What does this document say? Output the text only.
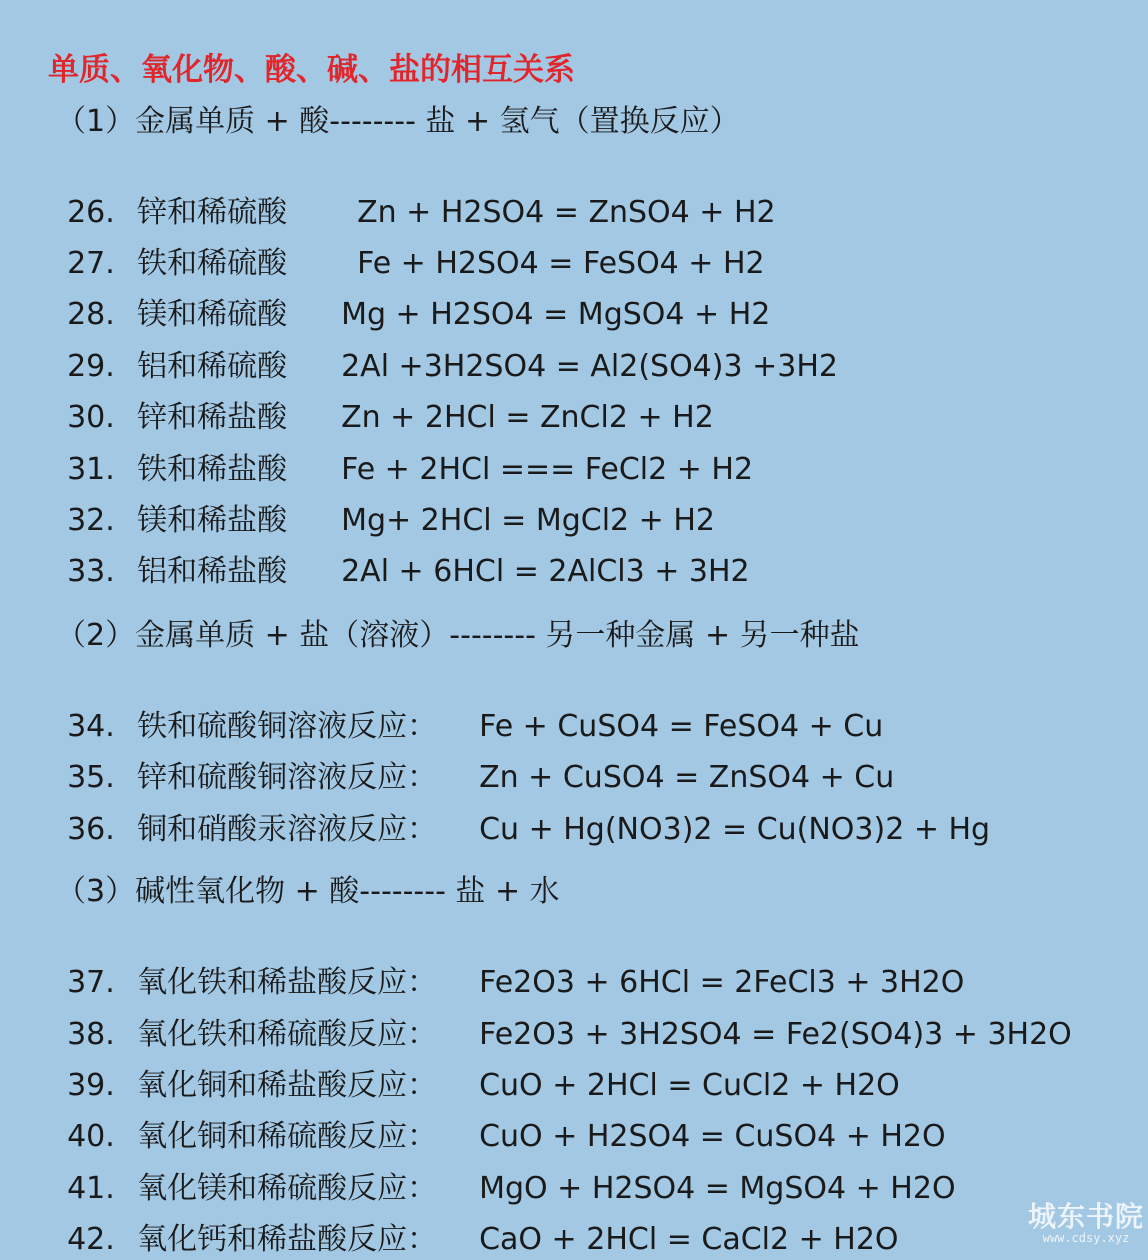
单质、氧化物、酸、碱、盐的相互关系
（1）金属单质 + 酸-------- 盐 + 氢气（置换反应）

26. 锌和稀硫酸 Zn + H2SO4 = ZnSO4 + H2

27. 铁和稀硫酸 Fe + H2SO4 = FeSO4 + H2

28. 镁和稀硫酸 Mg + H2SO4 = MgSO4 + H2

29. 铝和稀硫酸 2Al +3H2SO4 = Al2(SO4)3 +3H2

30. 锌和稀盐酸 Zn + 2HCl = ZnCl2 + H2

31. 铁和稀盐酸 Fe + 2HCl === FeCl2 + H2

32. 镁和稀盐酸 Mg+ 2HCl = MgCl2 + H2

33. 铝和稀盐酸 2Al + 6HCl = 2AlCl3 + 3H2

（2）金属单质 + 盐（溶液）-------- 另一种金属 + 另一种盐

34. 铁和硫酸铜溶液反应： Fe + CuSO4 = FeSO4 + Cu

35. 锌和硫酸铜溶液反应： Zn + CuSO4 = ZnSO4 + Cu

36. 铜和硝酸汞溶液反应： Cu + Hg(NO3)2 = Cu(NO3)2 + Hg

（3）碱性氧化物 + 酸-------- 盐 + 水

37. 氧化铁和稀盐酸反应： Fe2O3 + 6HCl = 2FeCl3 + 3H2O

38. 氧化铁和稀硫酸反应： Fe2O3 + 3H2SO4 = Fe2(SO4)3 + 3H2O

39. 氧化铜和稀盐酸反应： CuO + 2HCl = CuCl2 + H2O

40. 氧化铜和稀硫酸反应： CuO + H2SO4 = CuSO4 + H2O

41. 氧化镁和稀硫酸反应： MgO + H2SO4 = MgSO4 + H2O

42. 氧化钙和稀盐酸反应： CaO + 2HCl = CaCl2 + H2O

城东书院
www.cdsy.xyz
